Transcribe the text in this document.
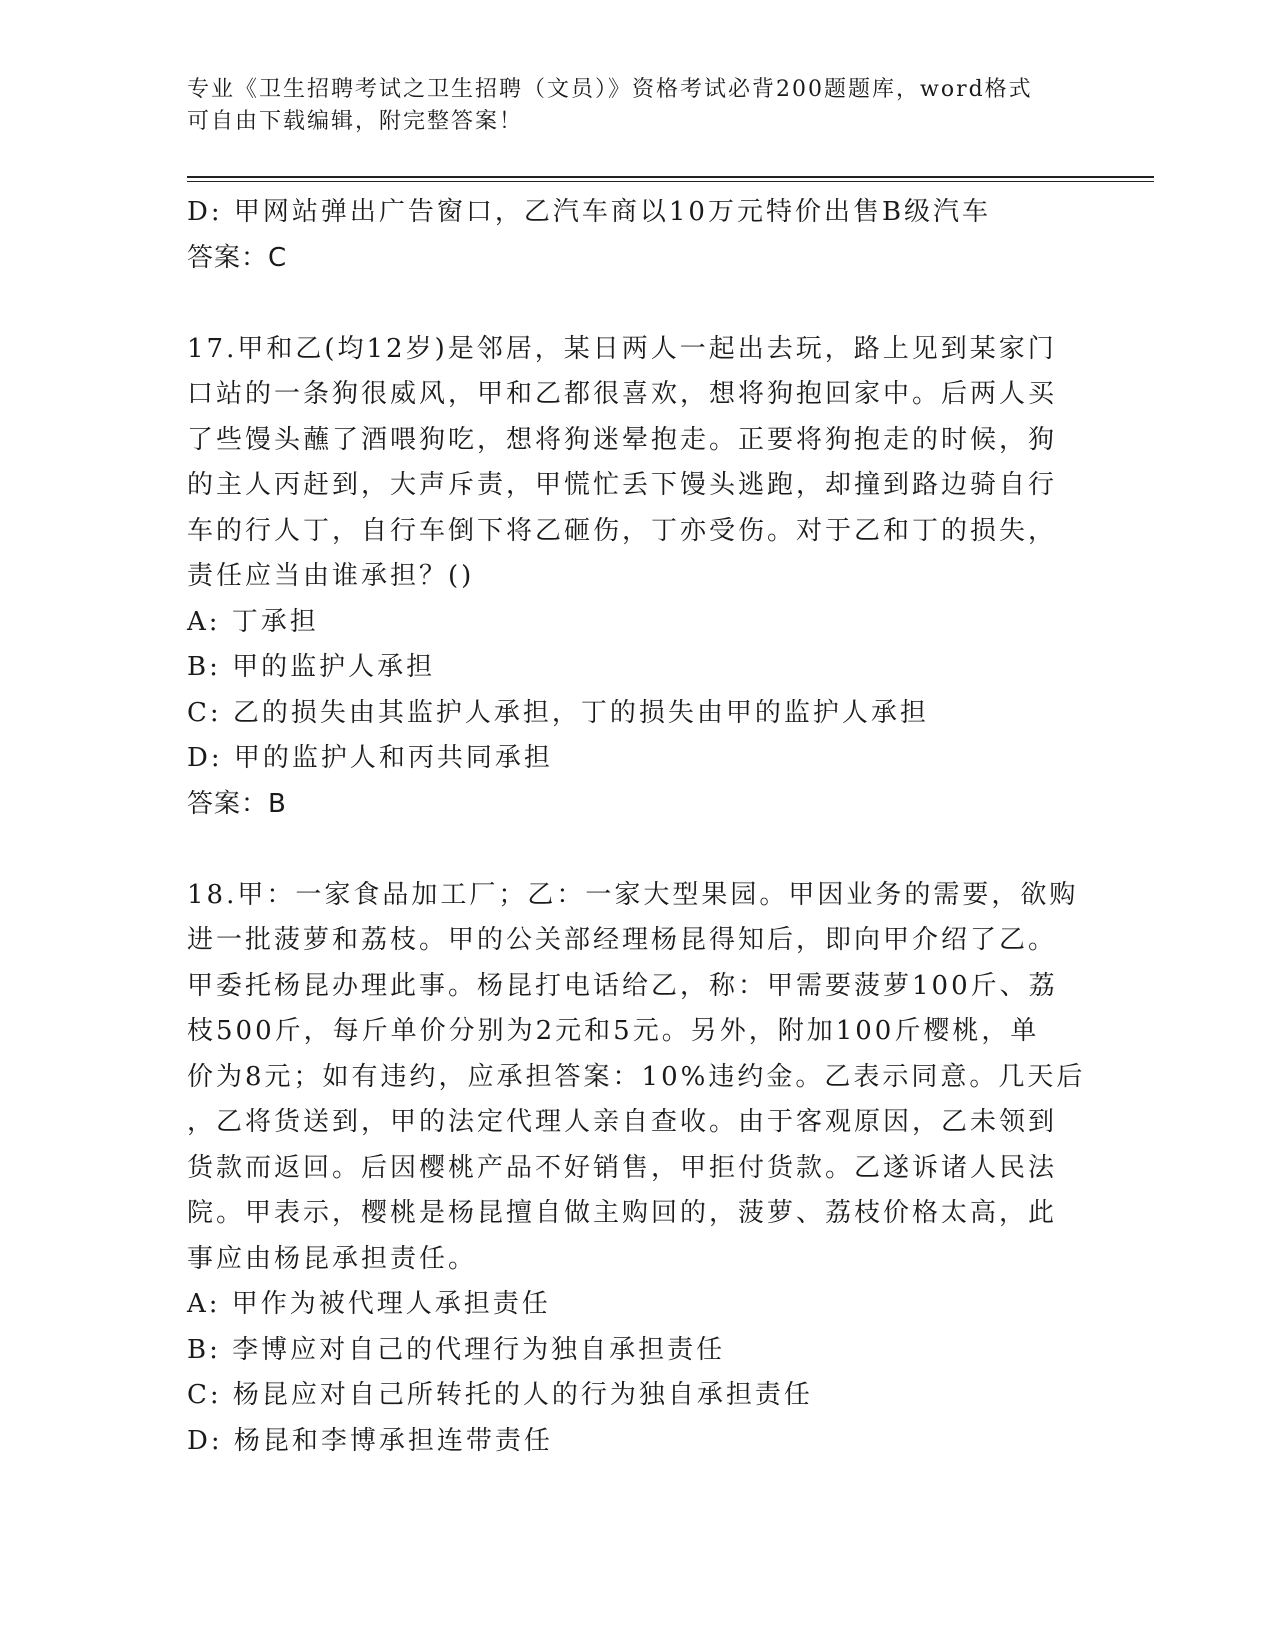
专业《卫生招聘考试之卫生招聘（文员）》资格考试必背200题题库，word格式
可自由下载编辑，附完整答案！
D: 甲网站弹出广告窗口，乙汽车商以10万元特价出售B级汽车
答案：C
17.甲和乙(均12岁)是邻居，某日两人一起出去玩，路上见到某家门
口站的一条狗很威风，甲和乙都很喜欢，想将狗抱回家中。后两人买
了些馒头蘸了酒喂狗吃，想将狗迷晕抱走。正要将狗抱走的时候，狗
的主人丙赶到，大声斥责，甲慌忙丢下馒头逃跑，却撞到路边骑自行
车的行人丁，自行车倒下将乙砸伤，丁亦受伤。对于乙和丁的损失，
责任应当由谁承担？()
A: 丁承担
B: 甲的监护人承担
C: 乙的损失由其监护人承担，丁的损失由甲的监护人承担
D: 甲的监护人和丙共同承担
答案：B
18.甲：一家食品加工厂；乙：一家大型果园。甲因业务的需要，欲购
进一批菠萝和荔枝。甲的公关部经理杨昆得知后，即向甲介绍了乙。
甲委托杨昆办理此事。杨昆打电话给乙，称：甲需要菠萝100斤、荔
枝500斤，每斤单价分别为2元和5元。另外，附加100斤樱桃，单
价为8元；如有违约，应承担答案：10%违约金。乙表示同意。几天后
，乙将货送到，甲的法定代理人亲自查收。由于客观原因，乙未领到
货款而返回。后因樱桃产品不好销售，甲拒付货款。乙遂诉诸人民法
院。甲表示，樱桃是杨昆擅自做主购回的，菠萝、荔枝价格太高，此
事应由杨昆承担责任。
A: 甲作为被代理人承担责任
B: 李博应对自己的代理行为独自承担责任
C: 杨昆应对自己所转托的人的行为独自承担责任
D: 杨昆和李博承担连带责任
